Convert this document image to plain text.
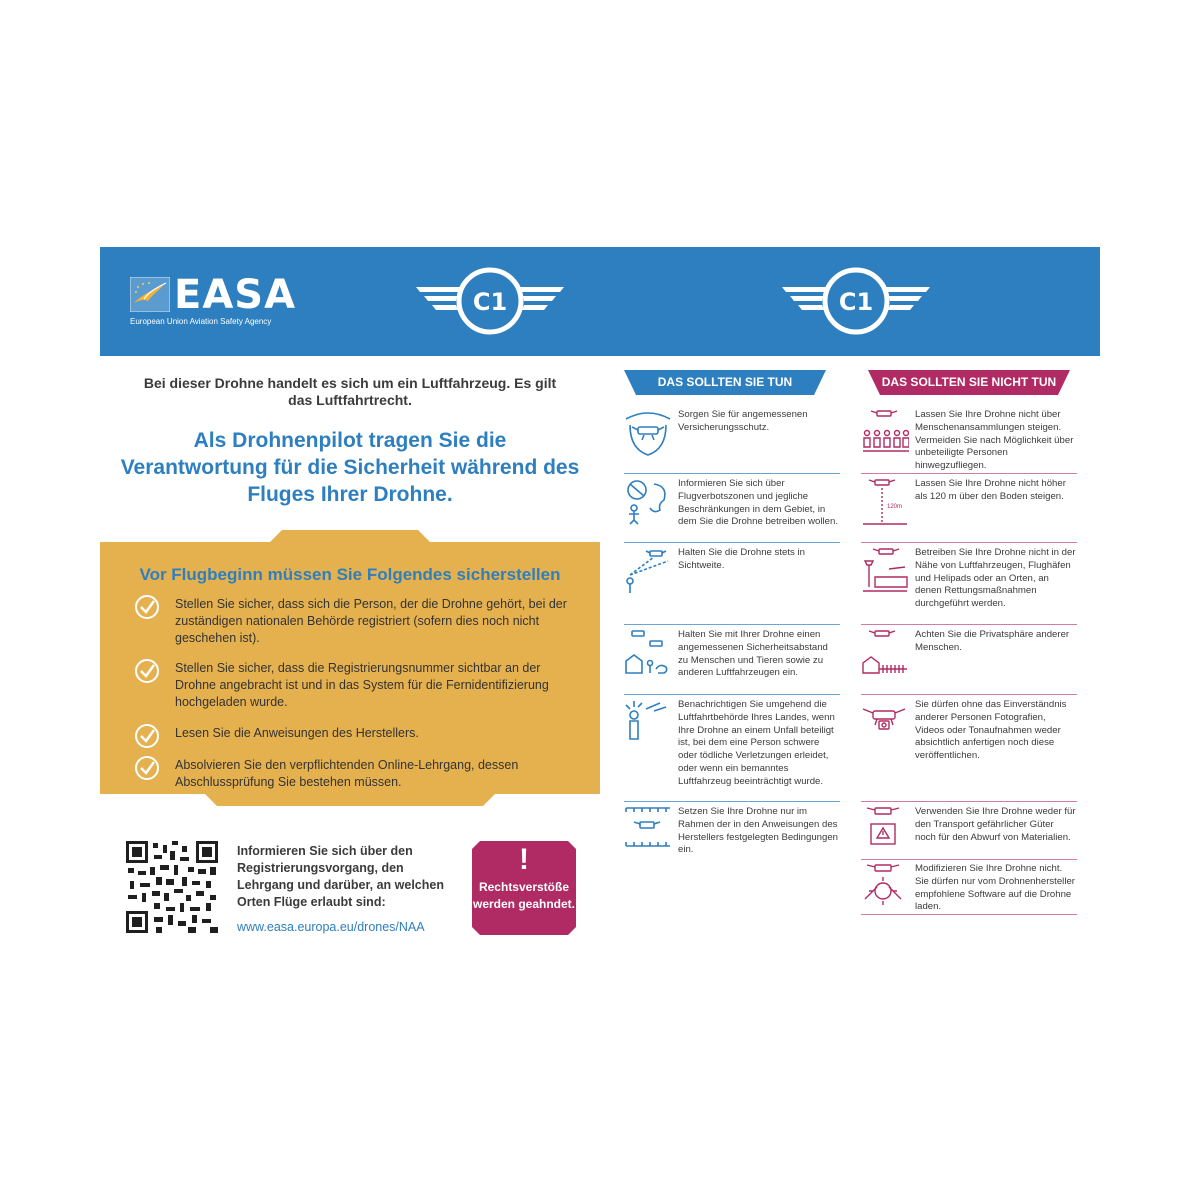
EASA
European Union Aviation Safety Agency
C1	C1
Bei dieser Drohne handelt es sich um ein Luftfahrzeug. Es gilt das Luftfahrtrecht.
Als Drohnenpilot tragen Sie die Verantwortung für die Sicherheit während des Fluges Ihrer Drohne.
Vor Flugbeginn müssen Sie Folgendes sicherstellen
Stellen Sie sicher, dass sich die Person, der die Drohne gehört, bei der zuständigen nationalen Behörde registriert (sofern dies noch nicht geschehen ist).
Stellen Sie sicher, dass die Registrierungsnummer sichtbar an der Drohne angebracht ist und in das System für die Fernidentifizierung hochgeladen wurde.
Lesen Sie die Anweisungen des Herstellers.
Absolvieren Sie den verpflichtenden Online-Lehrgang, dessen Abschlussprüfung Sie bestehen müssen.
Informieren Sie sich über den Registrierungsvorgang, den Lehrgang und darüber, an welchen Orten Flüge erlaubt sind:
www.easa.europa.eu/drones/NAA
!
Rechtsverstöße werden geahndet.
DAS SOLLTEN SIE TUN	DAS SOLLTEN SIE NICHT TUN
Sorgen Sie für angemessenen Versicherungsschutz.
Informieren Sie sich über Flugverbotszonen und jegliche Beschränkungen in dem Gebiet, in dem Sie die Drohne betreiben wollen.
Halten Sie die Drohne stets in Sichtweite.
Halten Sie mit Ihrer Drohne einen angemessenen Sicherheitsabstand zu Menschen und Tieren sowie zu anderen Luftfahrzeugen ein.
Benachrichtigen Sie umgehend die Luftfahrtbehörde Ihres Landes, wenn Ihre Drohne an einem Unfall beteiligt ist, bei dem eine Person schwere oder tödliche Verletzungen erleidet, oder wenn ein bemanntes Luftfahrzeug beeinträchtigt wurde.
Setzen Sie Ihre Drohne nur im Rahmen der in den Anweisungen des Herstellers festgelegten Bedingungen ein.
Lassen Sie Ihre Drohne nicht über Menschenansammlungen steigen. Vermeiden Sie nach Möglichkeit über unbeteiligte Personen hinwegzufliegen.
120m
Lassen Sie Ihre Drohne nicht höher als 120 m über den Boden steigen.
Betreiben Sie Ihre Drohne nicht in der Nähe von Luftfahrzeugen, Flughäfen und Helipads oder an Orten, an denen Rettungsmaßnahmen durchgeführt werden.
Achten Sie die Privatsphäre anderer Menschen.
Sie dürfen ohne das Einverständnis anderer Personen Fotografien, Videos oder Tonaufnahmen weder absichtlich anfertigen noch diese veröffentlichen.
Verwenden Sie Ihre Drohne weder für den Transport gefährlicher Güter noch für den Abwurf von Materialien.
Modifizieren Sie Ihre Drohne nicht. Sie dürfen nur vom Drohnenhersteller empfohlene Software auf die Drohne laden.
